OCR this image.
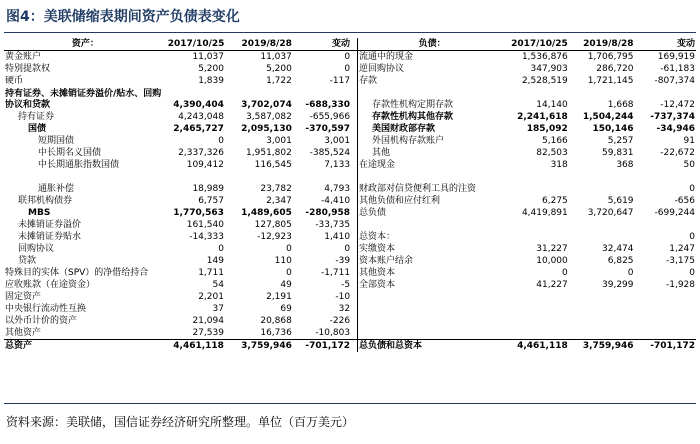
图4：美联储缩表期间资产负债表变化
资产：	2017/10/25	2019/8/28	变动		负债：	2017/10/25	2019/8/28	变动
黄金账户	11,037	11,037	0		流通中的现金	1,536,876	1,706,795	169,919
特别提款权	5,200	5,200	0		逆回购协议	347,903	286,720	-61,183
硬币	1,839	1,722	-117		存款	2,528,519	1,721,145	-807,374
持有证券、未摊销证券溢价/贴水、回购协议和贷款	4,390,404	3,702,074	-688,330		存款性机构定期存款	14,140	1,668	-12,472
持有证券	4,243,048	3,587,082	-655,966		存款性机构其他存款	2,241,618	1,504,244	-737,374
国债	2,465,727	2,095,130	-370,597		美国财政部存款	185,092	150,146	-34,946
短期国债	0	3,001	3,001		外国机构存款账户	5,166	5,257	91
中长期名义国债	2,337,326	1,951,802	-385,524		其他	82,503	59,831	-22,672
中长期通胀指数国债	109,412	116,545	7,133		在途现金	318	368	50
通胀补偿	18,989	23,782	4,793		财政部对信贷便利工具的注资			0
联邦机构债券	6,757	2,347	-4,410		其他负债和应付红利	6,275	5,619	-656
MBS	1,770,563	1,489,605	-280,958		总负债	4,419,891	3,720,647	-699,244
未摊销证券溢价	161,540	127,805	-33,735					
未摊销证券贴水	-14,333	-12,923	1,410		总资本：			0
回购协议	0	0	0		实缴资本	31,227	32,474	1,247
贷款	149	110	-39		资本账户结余	10,000	6,825	-3,175
特殊目的实体（SPV）的净借给持合	1,711	0	-1,711		其他资本	0	0	0
应收账款（在途资金）	54	49	-5		全部资本	41,227	39,299	-1,928
固定资产	2,201	2,191	-10					
中央银行流动性互换	37	69	32					
以外币计价的资产	21,094	20,868	-226					
其他资产	27,539	16,736	-10,803					
总资产	4,461,118	3,759,946	-701,172		总负债和总资本	4,461,118	3,759,946	-701,172
资料来源：美联储，国信证券经济研究所整理。单位（百万美元）
